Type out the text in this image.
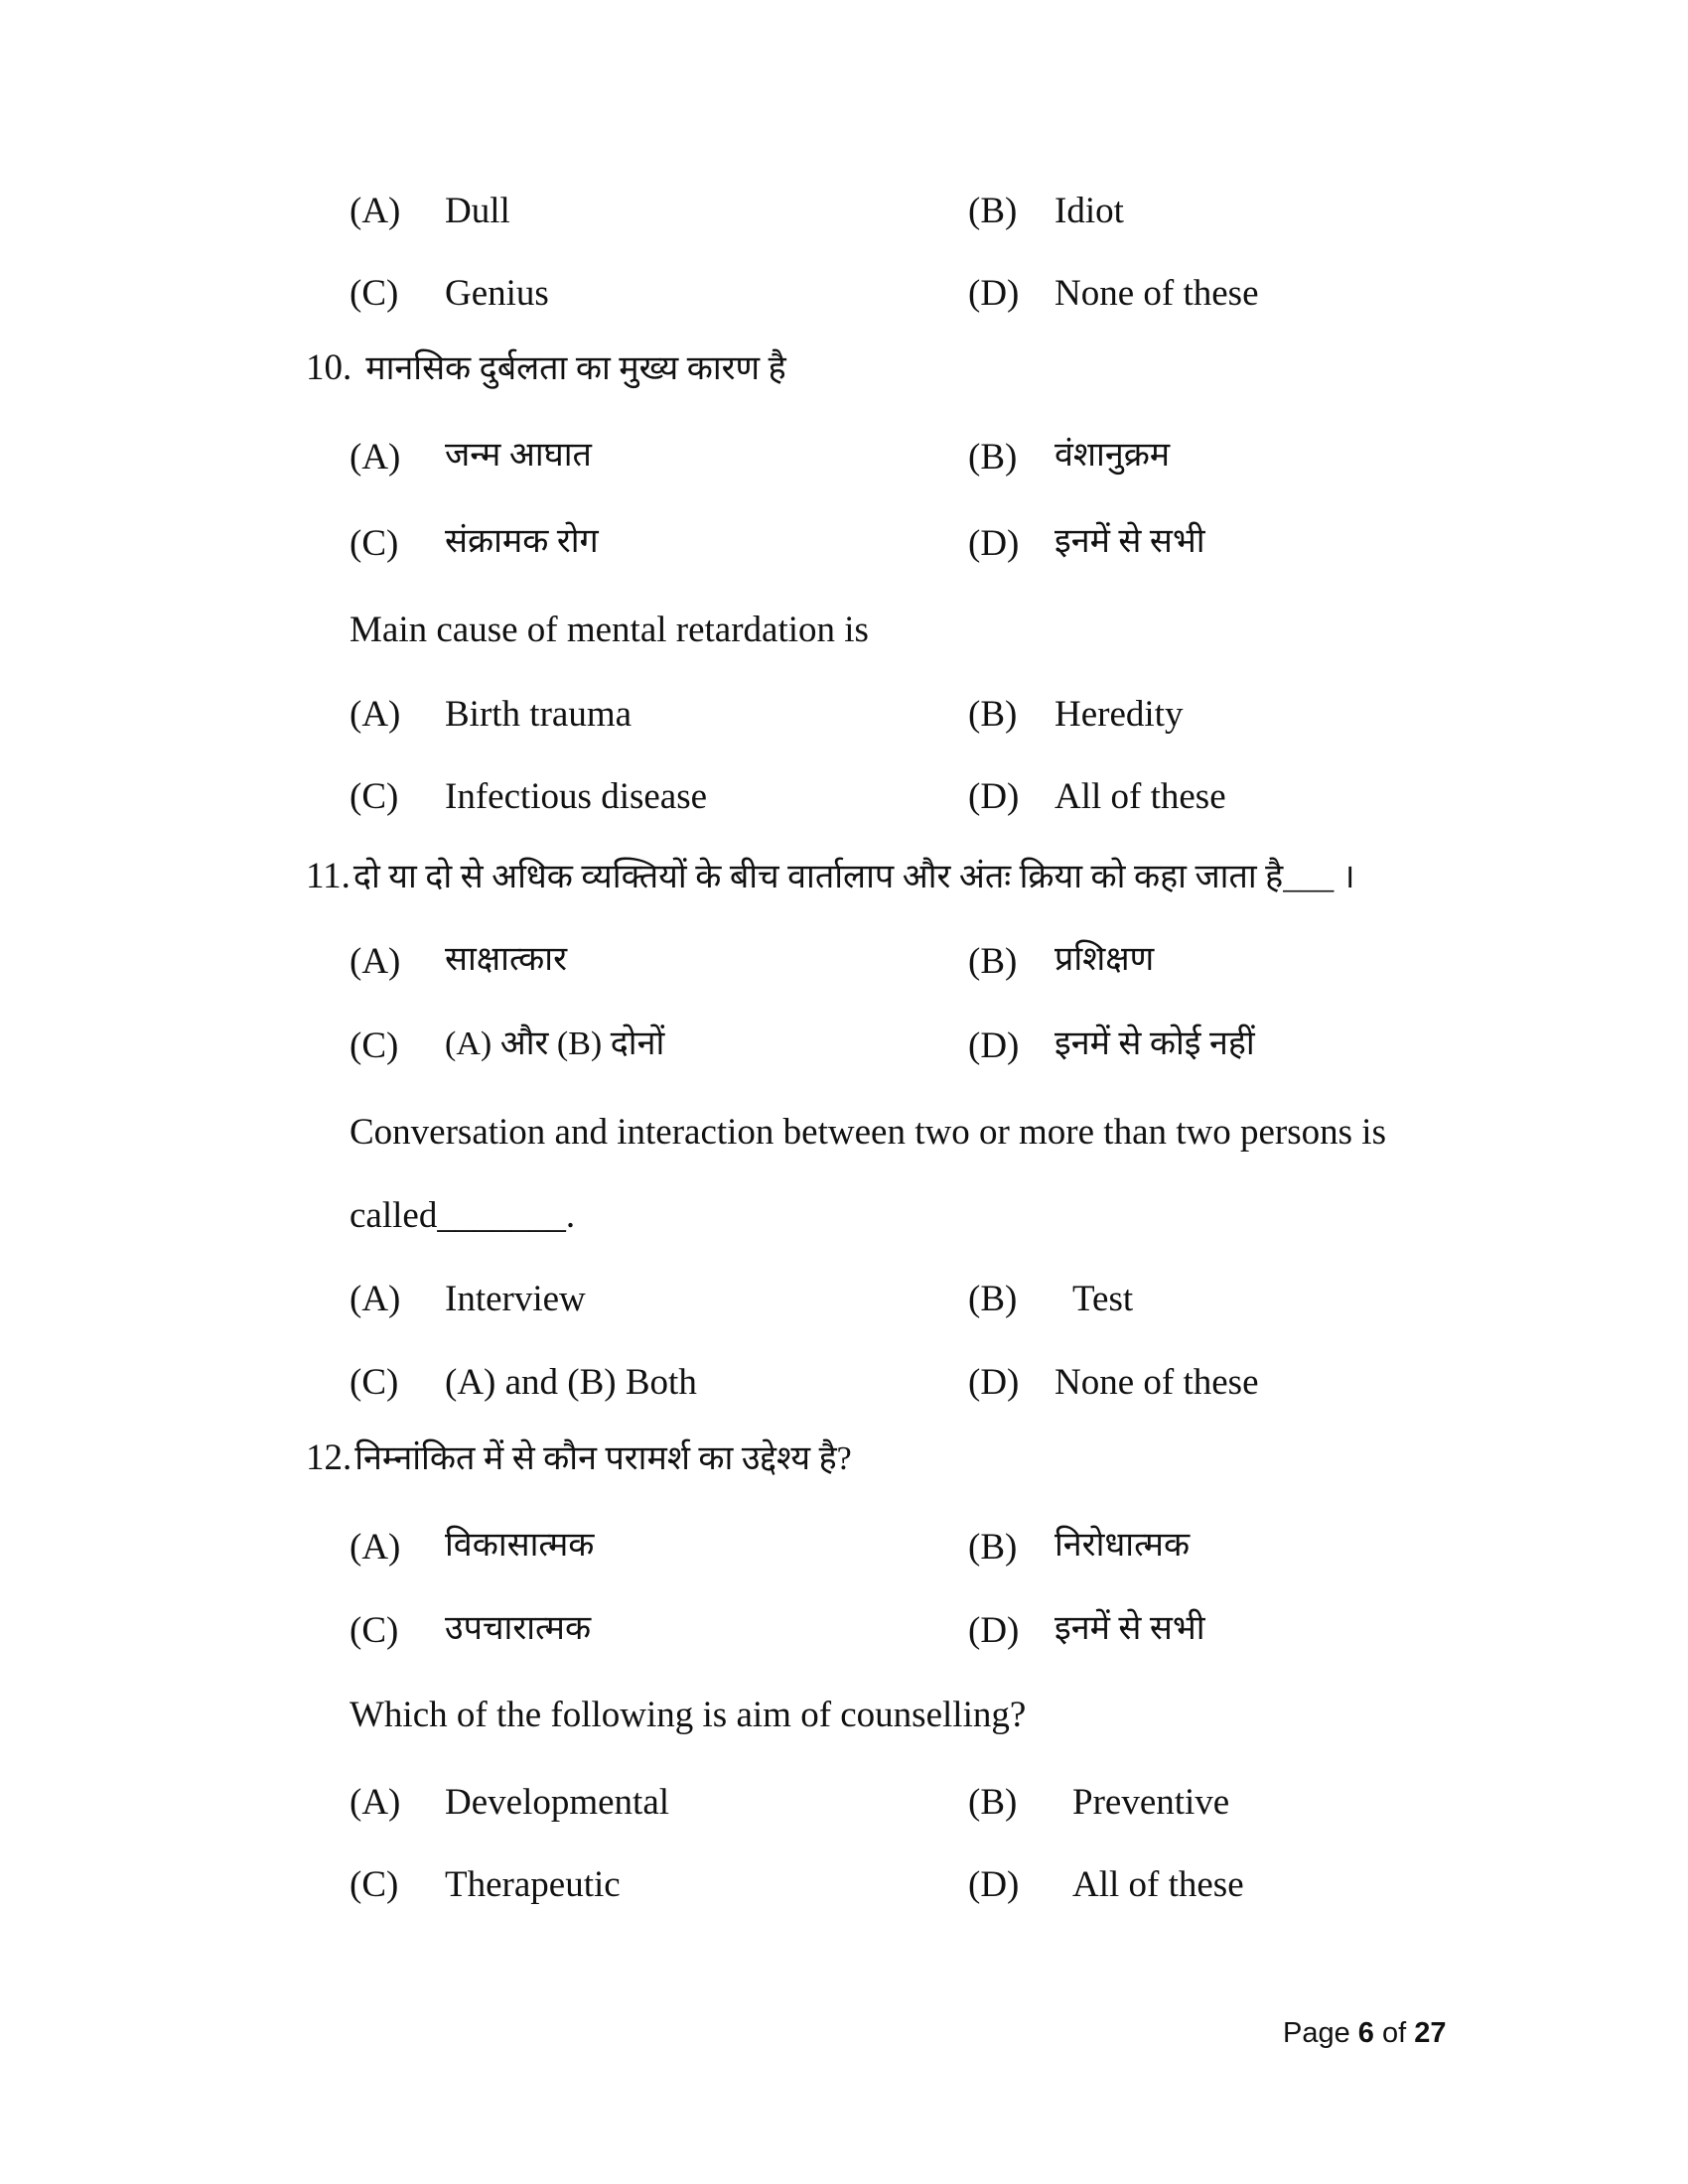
(A) Dull	(B) Idiot
(C) Genius	(D) None of these
10. मानसिक दुर्बलता का मुख्य कारण है
(A) जन्म आघात	(B) वंशानुक्रम
(C) संक्रामक रोग	(D) इनमें से सभी
Main cause of mental retardation is
(A) Birth trauma	(B) Heredity
(C) Infectious disease	(D) All of these
11.दो या दो से अधिक व्यक्तियों के बीच वार्तालाप और अंतः क्रिया को कहा जाता है___ ।
(A) साक्षात्कार	(B) प्रशिक्षण
(C) (A) और (B) दोनों	(D) इनमें से कोई नहीं
Conversation and interaction between two or more than two persons is
called_______.
(A) Interview	(B) Test
(C) (A) and (B) Both	(D) None of these
12.निम्नांकित में से कौन परामर्श का उद्देश्य है?
(A) विकासात्मक	(B) निरोधात्मक
(C) उपचारात्मक	(D) इनमें से सभी
Which of the following is aim of counselling?
(A) Developmental	(B) Preventive
(C) Therapeutic	(D) All of these
Page 6 of 27
